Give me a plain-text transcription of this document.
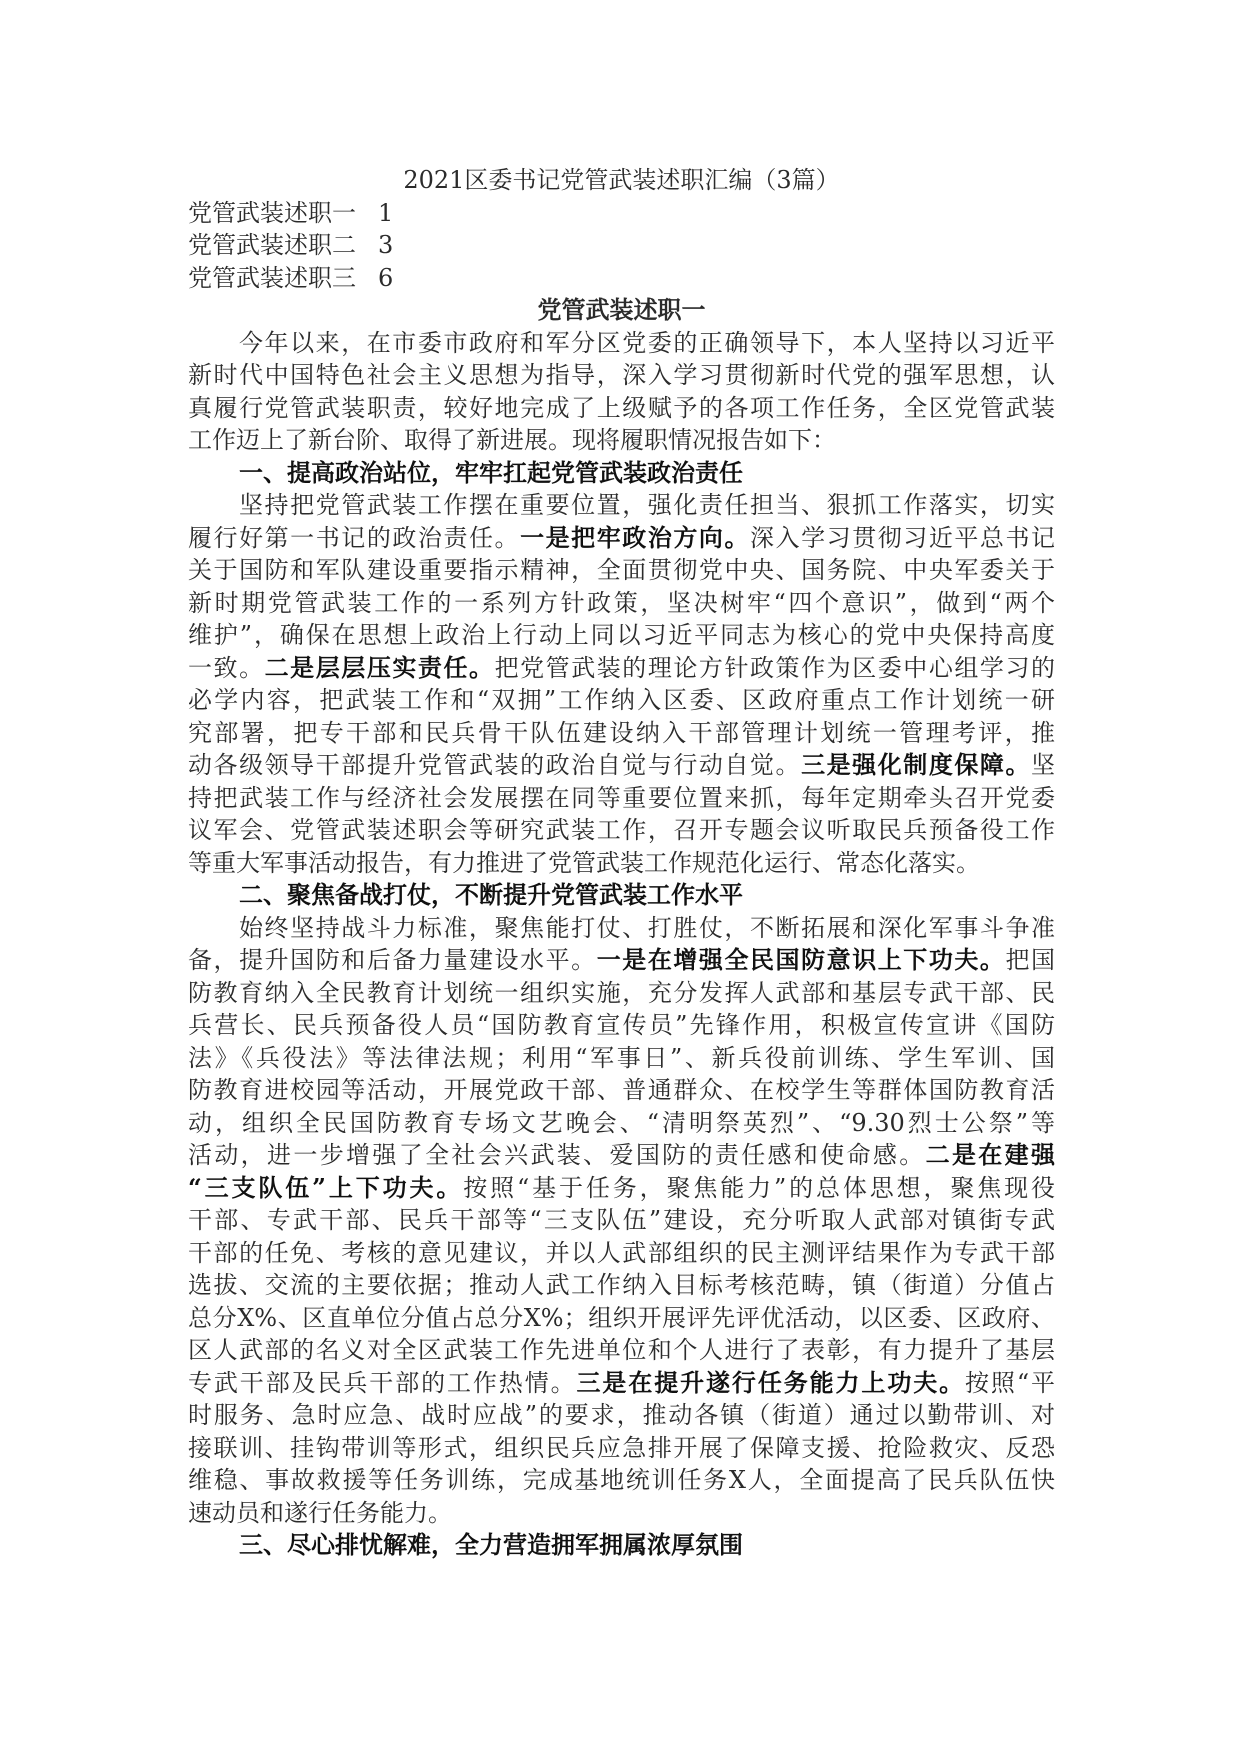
2021区委书记党管武装述职汇编（3篇）
党管武装述职一 1
党管武装述职二 3
党管武装述职三 6
党管武装述职一
今年以来，在市委市政府和军分区党委的正确领导下，本人坚持以习近平
新时代中国特色社会主义思想为指导，深入学习贯彻新时代党的强军思想，认
真履行党管武装职责，较好地完成了上级赋予的各项工作任务，全区党管武装
工作迈上了新台阶、取得了新进展。现将履职情况报告如下：
一、提高政治站位，牢牢扛起党管武装政治责任
坚持把党管武装工作摆在重要位置，强化责任担当、狠抓工作落实，切实
履行好第一书记的政治责任。一是把牢政治方向。深入学习贯彻习近平总书记
关于国防和军队建设重要指示精神，全面贯彻党中央、国务院、中央军委关于
新时期党管武装工作的一系列方针政策，坚决树牢“四个意识”，做到“两个
维护”，确保在思想上政治上行动上同以习近平同志为核心的党中央保持高度
一致。二是层层压实责任。把党管武装的理论方针政策作为区委中心组学习的
必学内容，把武装工作和“双拥”工作纳入区委、区政府重点工作计划统一研
究部署，把专干部和民兵骨干队伍建设纳入干部管理计划统一管理考评，推
动各级领导干部提升党管武装的政治自觉与行动自觉。三是强化制度保障。坚
持把武装工作与经济社会发展摆在同等重要位置来抓，每年定期牵头召开党委
议军会、党管武装述职会等研究武装工作，召开专题会议听取民兵预备役工作
等重大军事活动报告，有力推进了党管武装工作规范化运行、常态化落实。
二、聚焦备战打仗，不断提升党管武装工作水平
始终坚持战斗力标准，聚焦能打仗、打胜仗，不断拓展和深化军事斗争准
备，提升国防和后备力量建设水平。一是在增强全民国防意识上下功夫。把国
防教育纳入全民教育计划统一组织实施，充分发挥人武部和基层专武干部、民
兵营长、民兵预备役人员“国防教育宣传员”先锋作用，积极宣传宣讲《国防
法》《兵役法》等法律法规；利用“军事日”、新兵役前训练、学生军训、国
防教育进校园等活动，开展党政干部、普通群众、在校学生等群体国防教育活
动，组织全民国防教育专场文艺晚会、“清明祭英烈”、“9.30烈士公祭”等
活动，进一步增强了全社会兴武装、爱国防的责任感和使命感。二是在建强
“三支队伍”上下功夫。按照“基于任务，聚焦能力”的总体思想，聚焦现役
干部、专武干部、民兵干部等“三支队伍”建设，充分听取人武部对镇街专武
干部的任免、考核的意见建议，并以人武部组织的民主测评结果作为专武干部
选拔、交流的主要依据；推动人武工作纳入目标考核范畴，镇（街道）分值占
总分X%、区直单位分值占总分X%；组织开展评先评优活动，以区委、区政府、
区人武部的名义对全区武装工作先进单位和个人进行了表彰，有力提升了基层
专武干部及民兵干部的工作热情。三是在提升遂行任务能力上功夫。按照“平
时服务、急时应急、战时应战”的要求，推动各镇（街道）通过以勤带训、对
接联训、挂钩带训等形式，组织民兵应急排开展了保障支援、抢险救灾、反恐
维稳、事故救援等任务训练，完成基地统训任务X人，全面提高了民兵队伍快
速动员和遂行任务能力。
三、尽心排忧解难，全力营造拥军拥属浓厚氛围
